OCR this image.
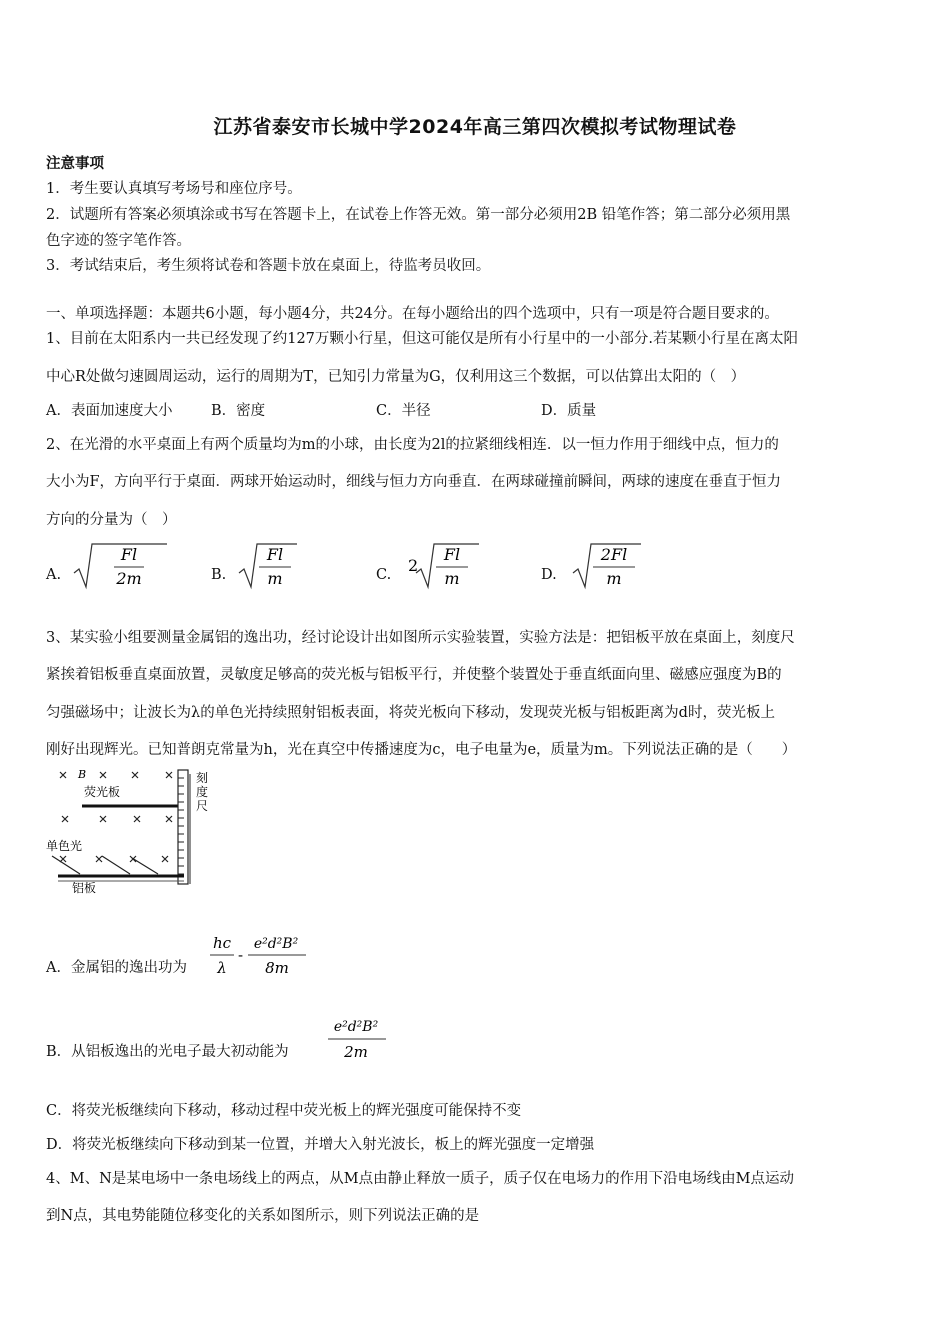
江苏省泰安市长城中学2024年高三第四次模拟考试物理试卷
注意事项
1．考生要认真填写考场号和座位序号。
2．试题所有答案必须填涂或书写在答题卡上，在试卷上作答无效。第一部分必须用2B 铅笔作答；第二部分必须用黑
色字迹的签字笔作答。
3．考试结束后，考生须将试卷和答题卡放在桌面上，待监考员收回。
一、单项选择题：本题共6小题，每小题4分，共24分。在每小题给出的四个选项中，只有一项是符合题目要求的。
1、目前在太阳系内一共已经发现了约127万颗小行星，但这可能仅是所有小行星中的一小部分.若某颗小行星在离太阳
中心R处做匀速圆周运动，运行的周期为T，已知引力常量为G，仅利用这三个数据，可以估算出太阳的（　）
A．表面加速度大小	B．密度	C．半径	D．质量
2、在光滑的水平桌面上有两个质量均为m的小球，由长度为2l的拉紧细线相连．以一恒力作用于细线中点，恒力的
大小为F，方向平行于桌面．两球开始运动时，细线与恒力方向垂直．在两球碰撞前瞬间，两球的速度在垂直于恒力
方向的分量为（　）
A.
Fl
2m	B.
Fl
m	C. 2
Fl
m	D.
2Fl
m
3、某实验小组要测量金属铝的逸出功，经讨论设计出如图所示实验装置，实验方法是：把铝板平放在桌面上，刻度尺
紧挨着铝板垂直桌面放置，灵敏度足够高的荧光板与铝板平行，并使整个装置处于垂直纸面向里、磁感应强度为B的
匀强磁场中；让波长为λ的单色光持续照射铝板表面，将荧光板向下移动，发现荧光板与铝板距离为d时，荧光板上
刚好出现辉光。已知普朗克常量为h，光在真空中传播速度为c，电子电量为e，质量为m。下列说法正确的是（　　）
B
荧光板
刻度尺
单色光
铝板
A．金属铝的逸出功为
hc
λ
-
e²d²B²
8m
B．从铝板逸出的光电子最大初动能为
e²d²B²
2m
C．将荧光板继续向下移动，移动过程中荧光板上的辉光强度可能保持不变
D．将荧光板继续向下移动到某一位置，并增大入射光波长，板上的辉光强度一定增强
4、M、N是某电场中一条电场线上的两点，从M点由静止释放一质子，质子仅在电场力的作用下沿电场线由M点运动
到N点，其电势能随位移变化的关系如图所示，则下列说法正确的是
